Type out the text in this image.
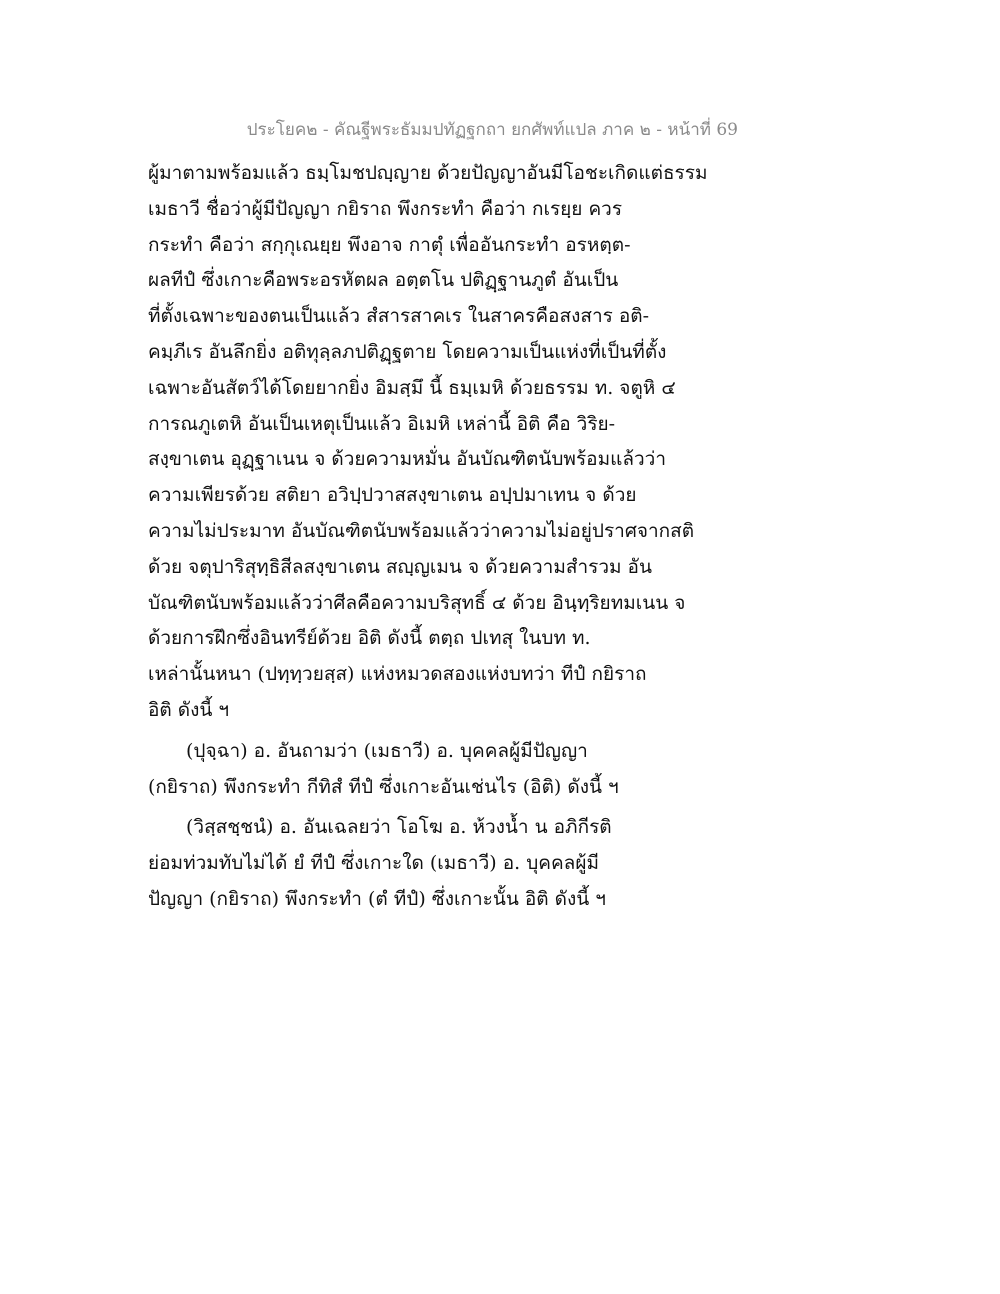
ประโยค๒ - คัณฐีพระธัมมปทัฏฐกถา ยกศัพท์แปล ภาค ๒ - หน้าที่ 69
ผู้มาตามพร้อมแล้ว ธมฺโมชปญฺญาย ด้วยปัญญาอันมีโอชะเกิดแต่ธรรม
เมธาวี ชื่อว่าผู้มีปัญญา กยิราถ พึงกระทำ คือว่า กเรยฺย ควร
กระทำ คือว่า สกฺกุเณยฺย พึงอาจ กาตุํ เพื่ออันกระทำ อรหตฺต-
ผลทีปํ ซึ่งเกาะคือพระอรหัตผล อตฺตโน ปติฏฺฐานภูตํ อันเป็น
ที่ตั้งเฉพาะของตนเป็นแล้ว สํสารสาคเร ในสาครคือสงสาร อติ-
คมฺภีเร อันลึกยิ่ง อติทุลฺลภปติฏฺฐตาย โดยความเป็นแห่งที่เป็นที่ตั้ง
เฉพาะอันสัตว์ได้โดยยากยิ่ง อิมสฺมึ นี้ ธมฺเมหิ ด้วยธรรม ท. จตูหิ ๔
การณภูเตหิ อันเป็นเหตุเป็นแล้ว อิเมหิ เหล่านี้ อิติ คือ วิริย-
สงฺขาเตน อุฏฺฐาเนน จ ด้วยความหมั่น อันบัณฑิตนับพร้อมแล้วว่า
ความเพียรด้วย สติยา อวิปฺปวาสสงฺขาเตน อปฺปมาเทน จ ด้วย
ความไม่ประมาท อันบัณฑิตนับพร้อมแล้วว่าความไม่อยู่ปราศจากสติ
ด้วย จตุปาริสุทฺธิสีลสงฺขาเตน สญฺญเมน จ ด้วยความสำรวม อัน
บัณฑิตนับพร้อมแล้วว่าศีลคือความบริสุทธิ์ ๔ ด้วย อินฺทฺริยทมเนน จ
ด้วยการฝึกซึ่งอินทรีย์ด้วย อิติ ดังนี้ ตตฺถ ปเทสุ ในบท ท.
เหล่านั้นหนา (ปทฺทฺวยสฺส) แห่งหมวดสองแห่งบทว่า ทีปํ กยิราถ
อิติ ดังนี้ ฯ
(ปุจฺฉา) อ. อันถามว่า (เมธาวี) อ. บุคคลผู้มีปัญญา
(กยิราถ) พึงกระทำ กีทิสํ ทีปํ ซึ่งเกาะอันเช่นไร (อิติ) ดังนี้ ฯ
(วิสฺสชฺชนํ) อ. อันเฉลยว่า โอโฆ อ. ห้วงน้ำ น อภิกีรติ
ย่อมท่วมทับไม่ได้ ยํ ทีปํ ซึ่งเกาะใด (เมธาวี) อ. บุคคลผู้มี
ปัญญา (กยิราถ) พึงกระทำ (ตํ ทีปํ) ซึ่งเกาะนั้น อิติ ดังนี้ ฯ
